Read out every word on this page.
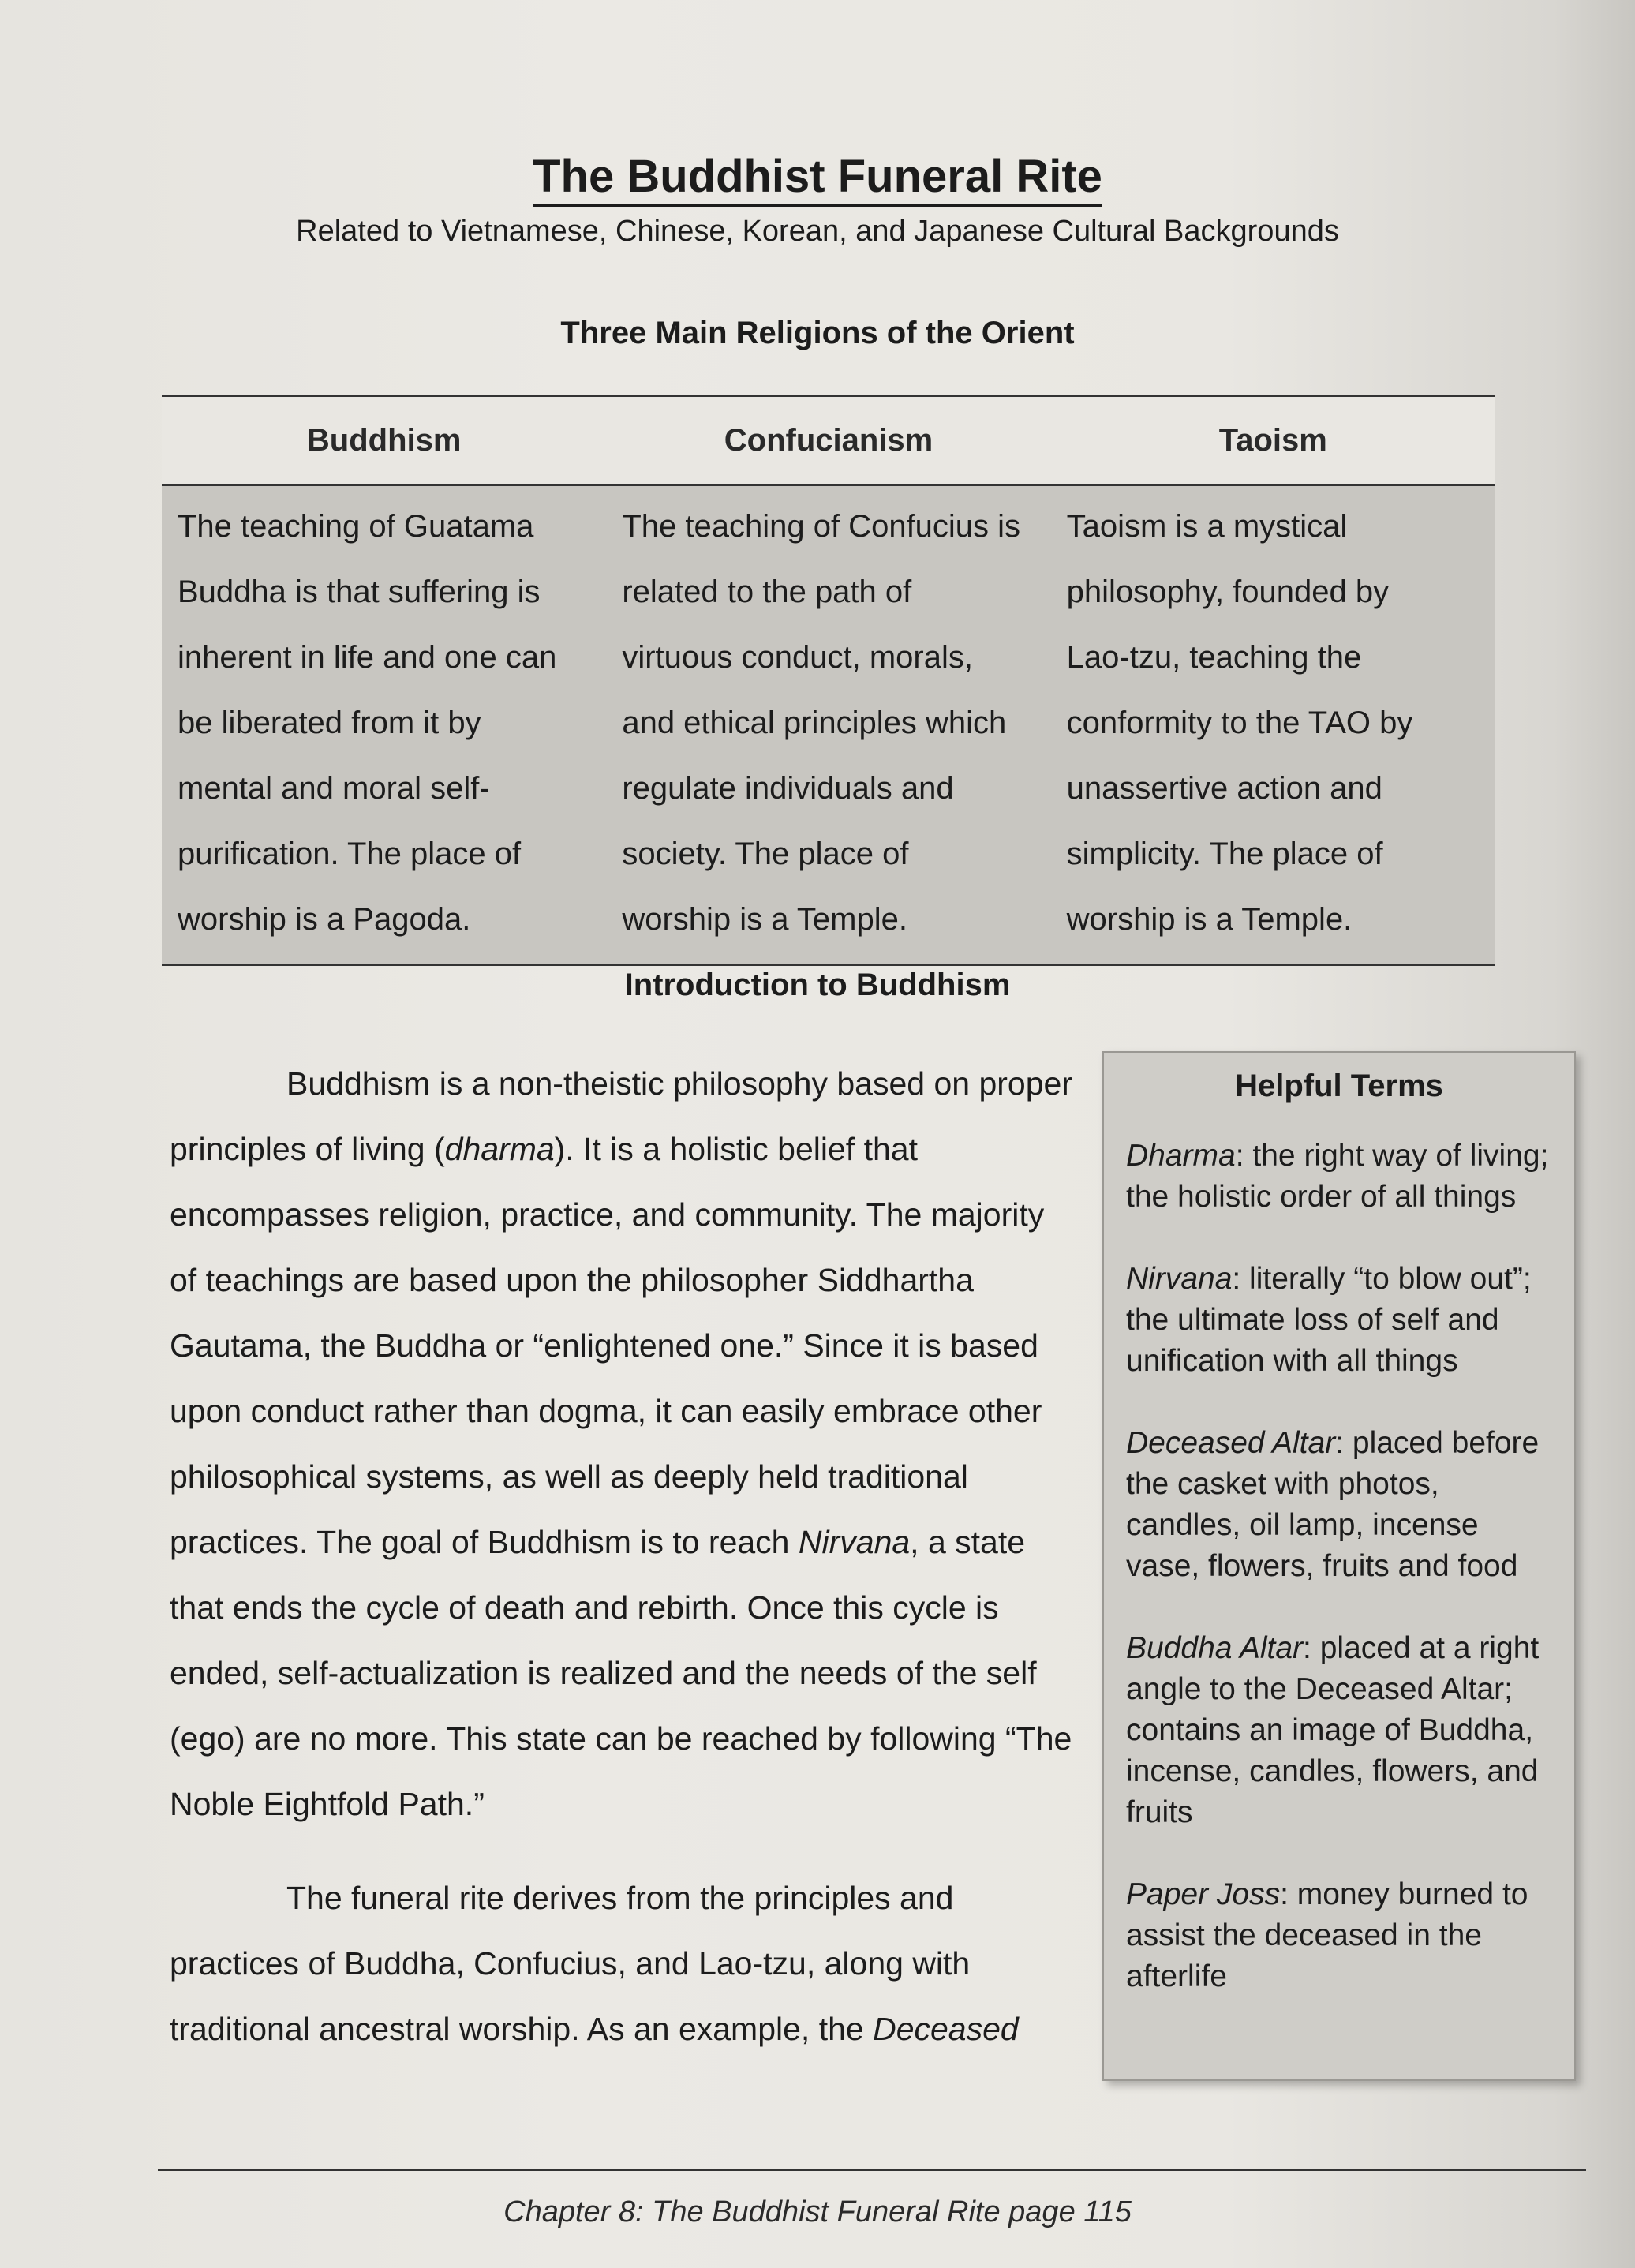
The Buddhist Funeral Rite

Related to Vietnamese, Chinese, Korean, and Japanese Cultural Backgrounds

Three Main Religions of the Orient

Buddhism	Confucianism	Taoism
The teaching of Guatama
Buddha is that suffering is
inherent in life and one can
be liberated from it by
mental and moral self-
purification. The place of
worship is a Pagoda.
The teaching of Confucius is
related to the path of
virtuous conduct, morals,
and ethical principles which
regulate individuals and
society. The place of
worship is a Temple.
Taoism is a mystical
philosophy, founded by
Lao-tzu, teaching the
conformity to the TAO by
unassertive action and
simplicity. The place of
worship is a Temple.

Introduction to Buddhism

Buddhism is a non-theistic philosophy based on proper principles of living (dharma). It is a holistic belief that encompasses religion, practice, and community. The majority of teachings are based upon the philosopher Siddhartha Gautama, the Buddha or “enlightened one.” Since it is based upon conduct rather than dogma, it can easily embrace other philosophical systems, as well as deeply held traditional practices. The goal of Buddhism is to reach Nirvana, a state that ends the cycle of death and rebirth. Once this cycle is ended, self-actualization is realized and the needs of the self (ego) are no more. This state can be reached by following “The Noble Eightfold Path.”

The funeral rite derives from the principles and practices of Buddha, Confucius, and Lao-tzu, along with traditional ancestral worship. As an example, the Deceased

Helpful Terms

Dharma: the right way of living; the holistic order of all things

Nirvana: literally “to blow out”; the ultimate loss of self and unification with all things

Deceased Altar: placed before the casket with photos, candles, oil lamp, incense vase, flowers, fruits and food

Buddha Altar: placed at a right angle to the Deceased Altar; contains an image of Buddha, incense, candles, flowers, and fruits

Paper Joss: money burned to assist the deceased in the afterlife

Chapter 8: The Buddhist Funeral Rite page 115
